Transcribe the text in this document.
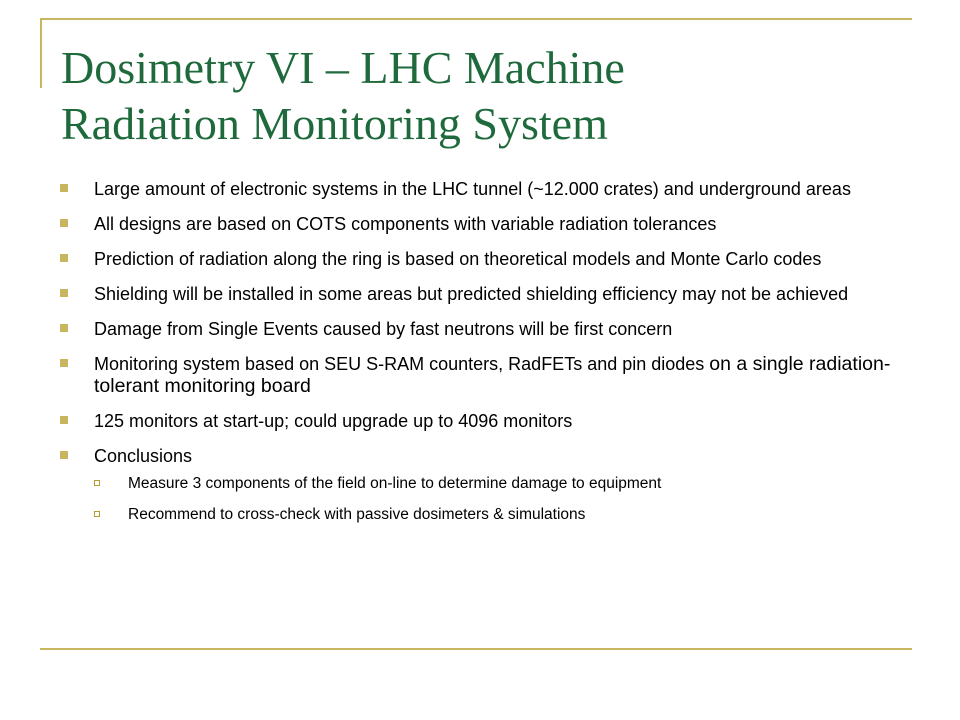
Dosimetry VI – LHC Machine
Radiation Monitoring System
Large amount of electronic systems in the LHC tunnel (~12.000 crates) and underground areas
All designs are based on COTS components with variable radiation tolerances
Prediction of radiation along the ring is based on theoretical models and Monte Carlo codes
Shielding will be installed in some areas but predicted shielding efficiency may not be achieved
Damage from Single Events caused by fast neutrons will be first concern
Monitoring system based on SEU S-RAM counters, RadFETs and pin diodes on a single radiation-tolerant monitoring board
125 monitors at start-up; could upgrade up to 4096 monitors
Conclusions
Measure 3 components of the field on-line to determine damage to equipment
Recommend to cross-check with passive dosimeters & simulations
